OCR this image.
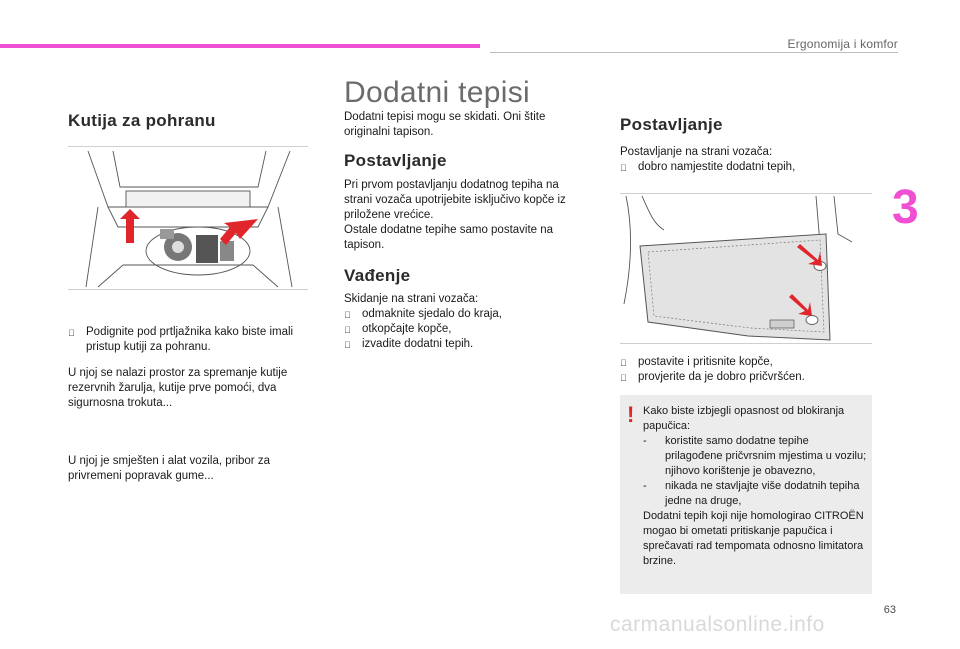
Ergonomija i komfor
3
Kutija za pohranu
Podignite pod prtljažnika kako biste imali pristup kutiji za pohranu.
U njoj se nalazi prostor za spremanje kutije rezervnih žarulja, kutije prve pomoći, dva sigurnosna trokuta...
U njoj je smješten i alat vozila, pribor za privremeni popravak gume...
Dodatni tepisi
Dodatni tepisi mogu se skidati. Oni štite originalni tapison.
Postavljanje
Pri prvom postavljanju dodatnog tepiha na strani vozača upotrijebite isključivo kopče iz priložene vrećice.
Ostale dodatne tepihe samo postavite na tapison.
Vađenje
Skidanje na strani vozača:
odmaknite sjedalo do kraja,
otkopčajte kopče,
izvadite dodatni tepih.
Postavljanje
Postavljanje na strani vozača:
dobro namjestite dodatni tepih,
postavite i pritisnite kopče,
provjerite da je dobro pričvršćen.
! Kako biste izbjegli opasnost od blokiranja papučica:
-	koristite samo dodatne tepihe prilagođene pričvrsnim mjestima u vozilu; njihovo korištenje je obavezno,
-	nikada ne stavljajte više dodatnih tepiha jedne na druge,
Dodatni tepih koji nije homologirao CITROËN mogao bi ometati pritiskanje papučica i sprečavati rad tempomata odnosno limitatora brzine.
63
carmanualsonline.info
